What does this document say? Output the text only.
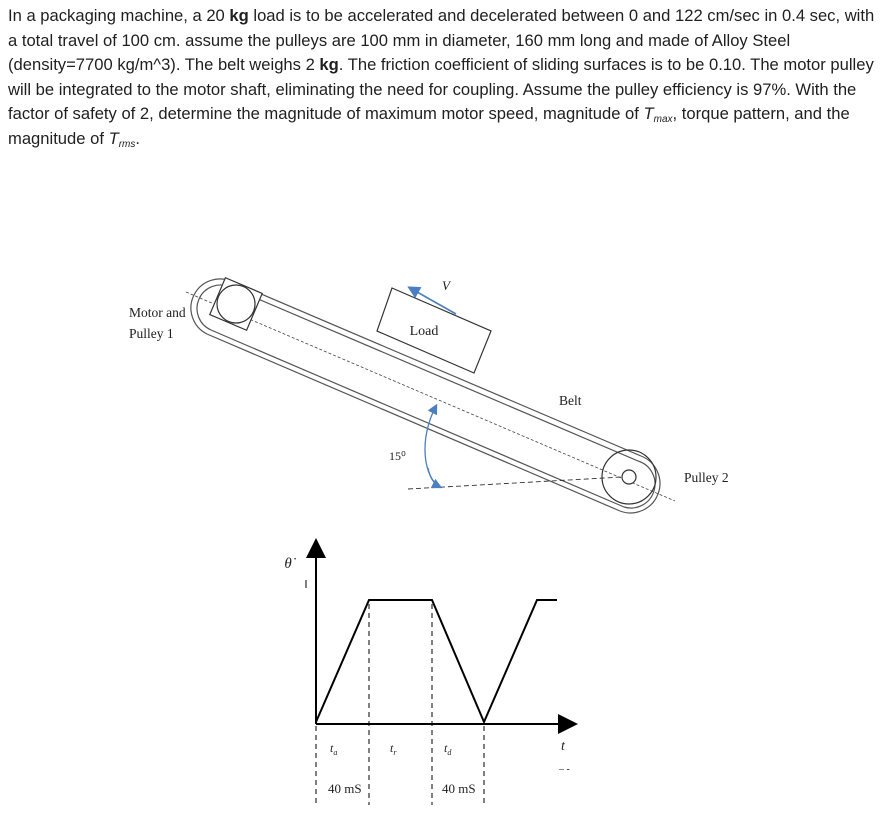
In a packaging machine, a 20 kg load is to be accelerated and decelerated between 0 and 122 cm/sec in 0.4 sec, with a total travel of 100 cm. assume the pulleys are 100 mm in diameter, 160 mm long and made of Alloy Steel (density=7700 kg/m^3). The belt weighs 2 kg. The friction coefficient of sliding surfaces is to be 0.10. The motor pulley will be integrated to the motor shaft, eliminating the need for coupling. Assume the pulley efficiency is 97%. With the factor of safety of 2, determine the magnitude of maximum motor speed, magnitude of $T_{max}$, torque pattern, and the magnitude of $T_{rms}$.

Load
V
15⁰
Motor and
Pulley 1
Belt
Pulley 2
θ̇
t
– ‐
$t_a$	$t_r$	$t_d$
40 mS	40 mS
